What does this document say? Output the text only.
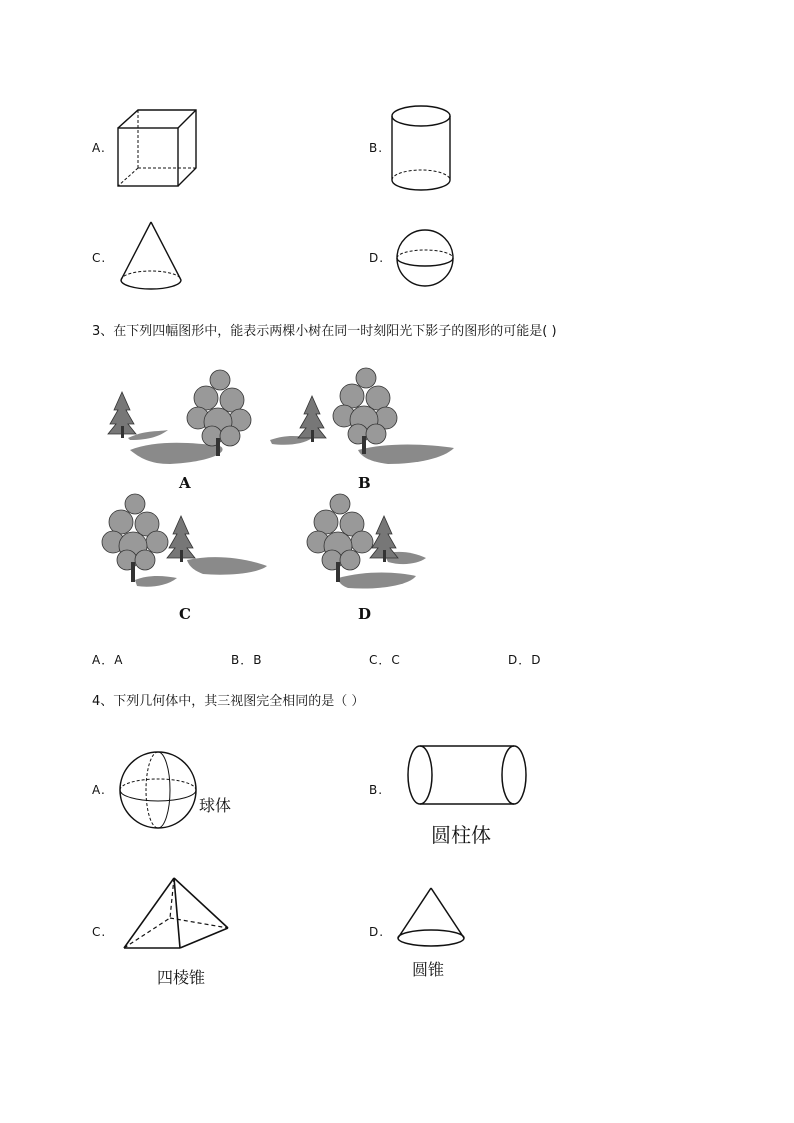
A.	B.
C.	D.
3、在下列四幅图形中，能表示两棵小树在同一时刻阳光下影子的图形的可能是( )
A	B
C	D
A．A	B．B	C．C	D．D
4、下列几何体中，其三视图完全相同的是（ ）
A.
球体
B.
圆柱体
C.
四棱锥
D.
圆锥
